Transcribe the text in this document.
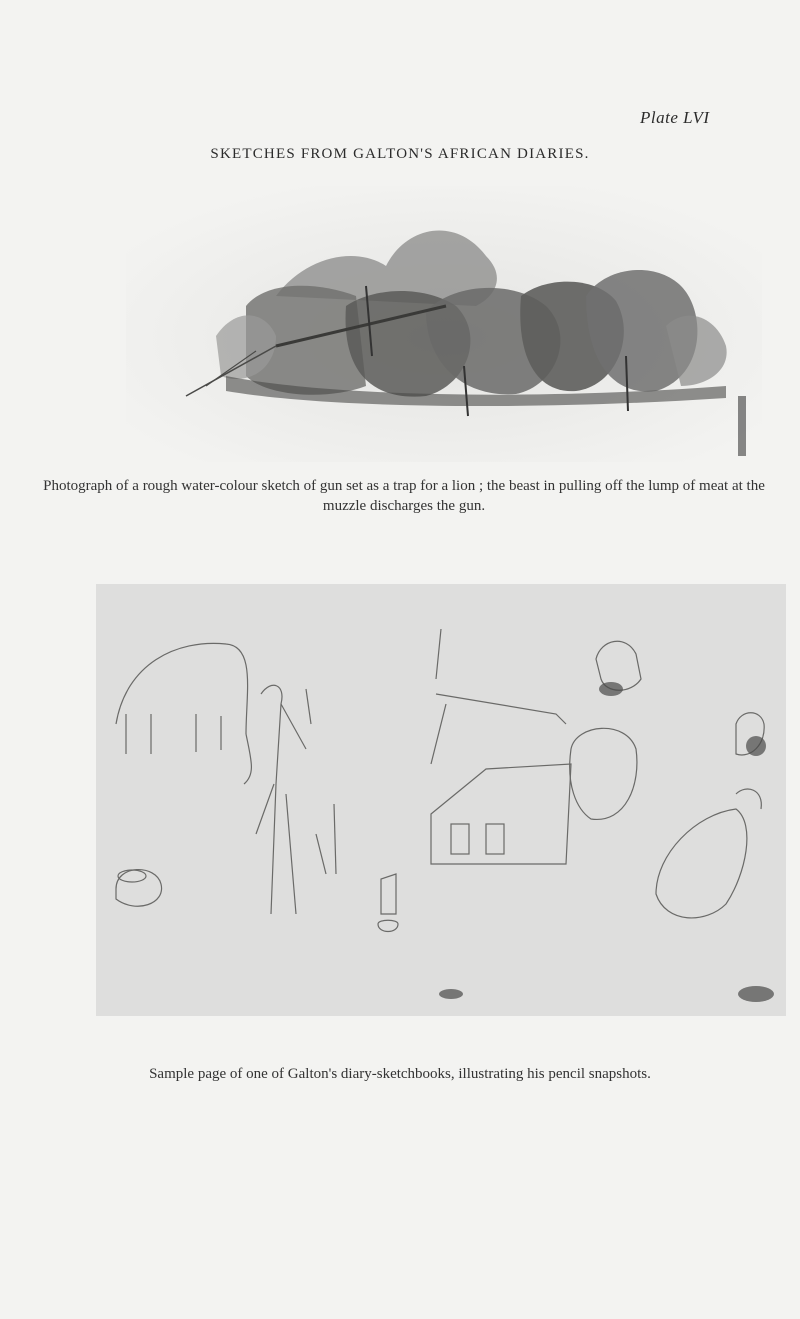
Plate LVI
SKETCHES FROM GALTON'S AFRICAN DIARIES.
Photograph of a rough water-colour sketch of gun set as a trap for a lion ; the beast in pulling off the lump of meat at the muzzle discharges the gun.
Sample page of one of Galton's diary-sketchbooks, illustrating his pencil snapshots.
